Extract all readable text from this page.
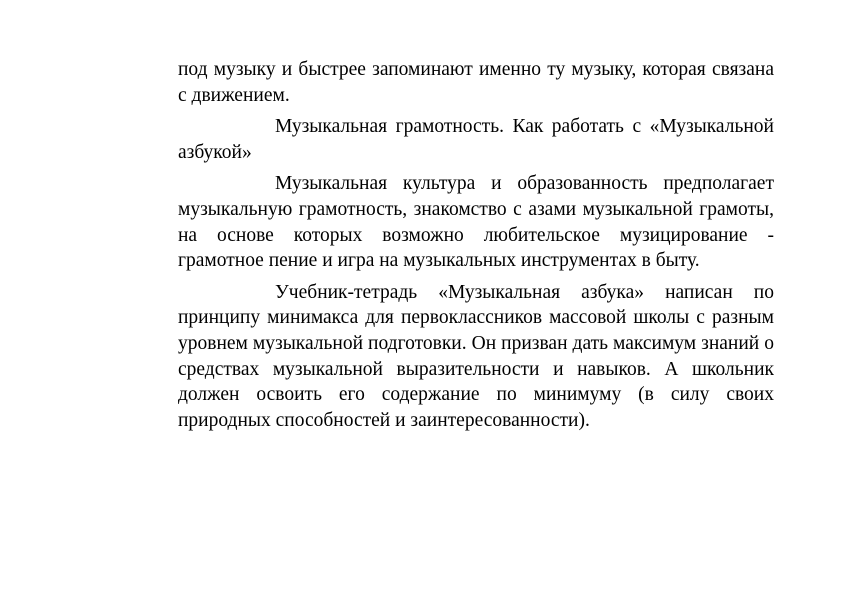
под музыку и быстрее запоминают именно ту музыку, которая связана с движением.

Музыкальная грамотность. Как работать с «Музыкальной азбукой»

Музыкальная культура и образованность предполагает музыкальную грамотность, знакомство с азами музыкальной грамоты, на основе которых возможно любительское музицирование - грамотное пение и игра на музыкальных инструментах в быту.

Учебник-тетрадь «Музыкальная азбука» написан по принципу минимакса для первоклассников массовой школы с разным уровнем музыкальной подготовки. Он призван дать максимум знаний о средствах музыкальной выразительности и навыков. А школьник должен освоить его содержание по минимуму (в силу своих природных способностей и заинтересованности).
